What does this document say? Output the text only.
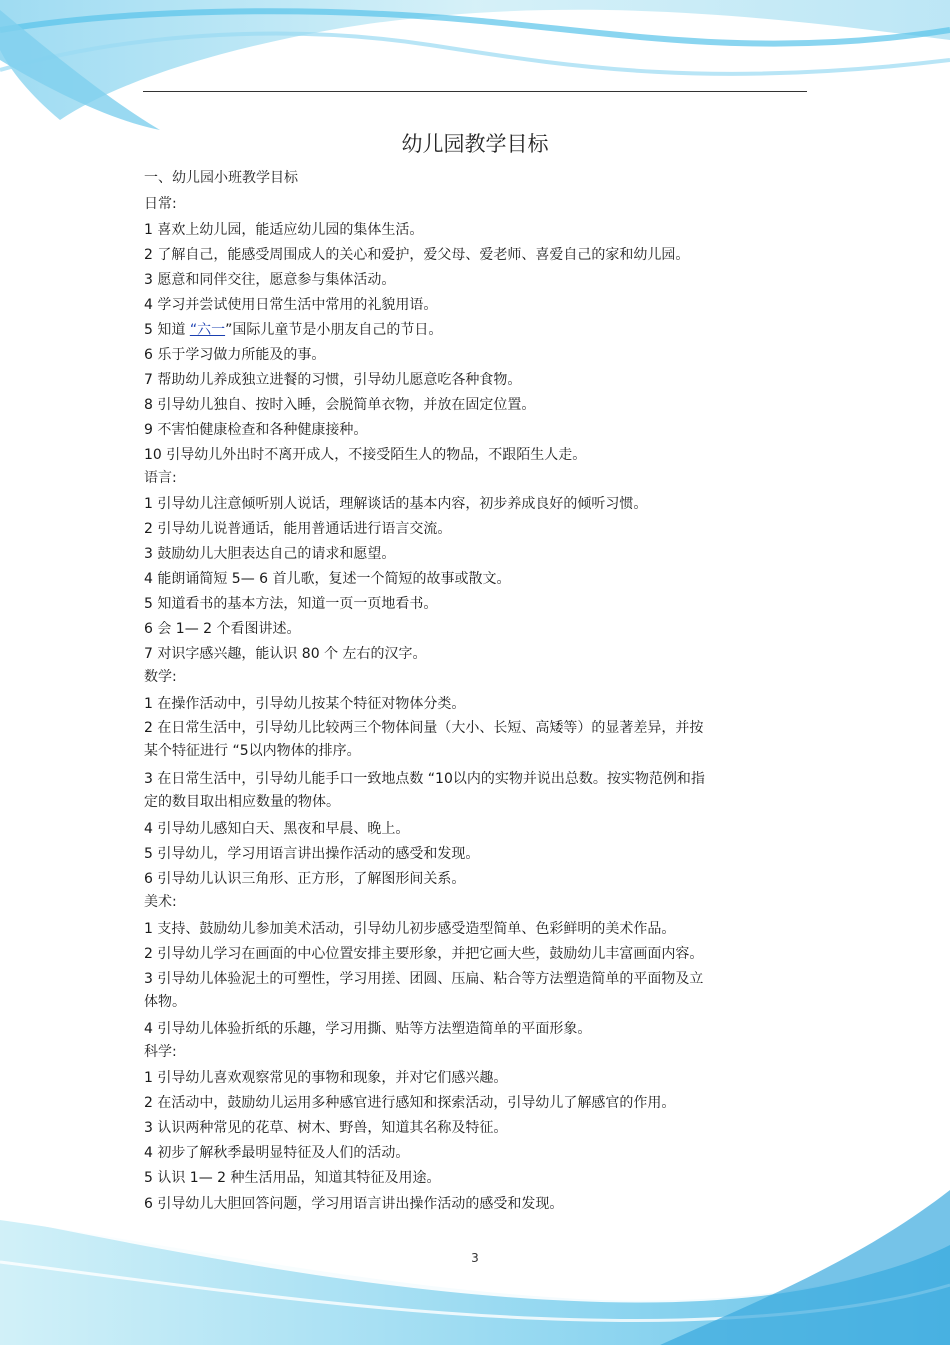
幼儿园教学目标
一、幼儿园小班教学目标
日常:
1 喜欢上幼儿园，能适应幼儿园的集体生活。
2 了解自己，能感受周围成人的关心和爱护，爱父母、爱老师、喜爱自己的家和幼儿园。
3 愿意和同伴交往，愿意参与集体活动。
4 学习并尝试使用日常生活中常用的礼貌用语。
5 知道 “六一”国际儿童节是小朋友自己的节日。
6 乐于学习做力所能及的事。
7 帮助幼儿养成独立进餐的习惯，引导幼儿愿意吃各种食物。
8 引导幼儿独自、按时入睡，会脱简单衣物，并放在固定位置。
9 不害怕健康检查和各种健康接种。
10 引导幼儿外出时不离开成人，不接受陌生人的物品，不跟陌生人走。
语言:
1 引导幼儿注意倾听别人说话，理解谈话的基本内容，初步养成良好的倾听习惯。
2 引导幼儿说普通话，能用普通话进行语言交流。
3 鼓励幼儿大胆表达自己的请求和愿望。
4 能朗诵简短 5— 6 首儿歌，复述一个简短的故事或散文。
5 知道看书的基本方法，知道一页一页地看书。
6 会 1— 2 个看图讲述。
7 对识字感兴趣，能认识 80 个 左右的汉字。
数学:
1 在操作活动中，引导幼儿按某个特征对物体分类。
2 在日常生活中，引导幼儿比较两三个物体间量（大小、长短、高矮等）的显著差异，并按
某个特征进行 “5以内物体的排序。
3 在日常生活中，引导幼儿能手口一致地点数 “10以内的实物并说出总数。按实物范例和指
定的数目取出相应数量的物体。
4 引导幼儿感知白天、黑夜和早晨、晚上。
5 引导幼儿，学习用语言讲出操作活动的感受和发现。
6 引导幼儿认识三角形、正方形，了解图形间关系。
美术:
1 支持、鼓励幼儿参加美术活动，引导幼儿初步感受造型简单、色彩鲜明的美术作品。
2 引导幼儿学习在画面的中心位置安排主要形象，并把它画大些，鼓励幼儿丰富画面内容。
3 引导幼儿体验泥土的可塑性，学习用搓、团圆、压扁、粘合等方法塑造简单的平面物及立
体物。
4 引导幼儿体验折纸的乐趣，学习用撕、贴等方法塑造简单的平面形象。
科学:
1 引导幼儿喜欢观察常见的事物和现象，并对它们感兴趣。
2 在活动中，鼓励幼儿运用多种感官进行感知和探索活动，引导幼儿了解感官的作用。
3 认识两种常见的花草、树木、野兽，知道其名称及特征。
4 初步了解秋季最明显特征及人们的活动。
5 认识 1— 2 种生活用品，知道其特征及用途。
6 引导幼儿大胆回答问题，学习用语言讲出操作活动的感受和发现。
3
